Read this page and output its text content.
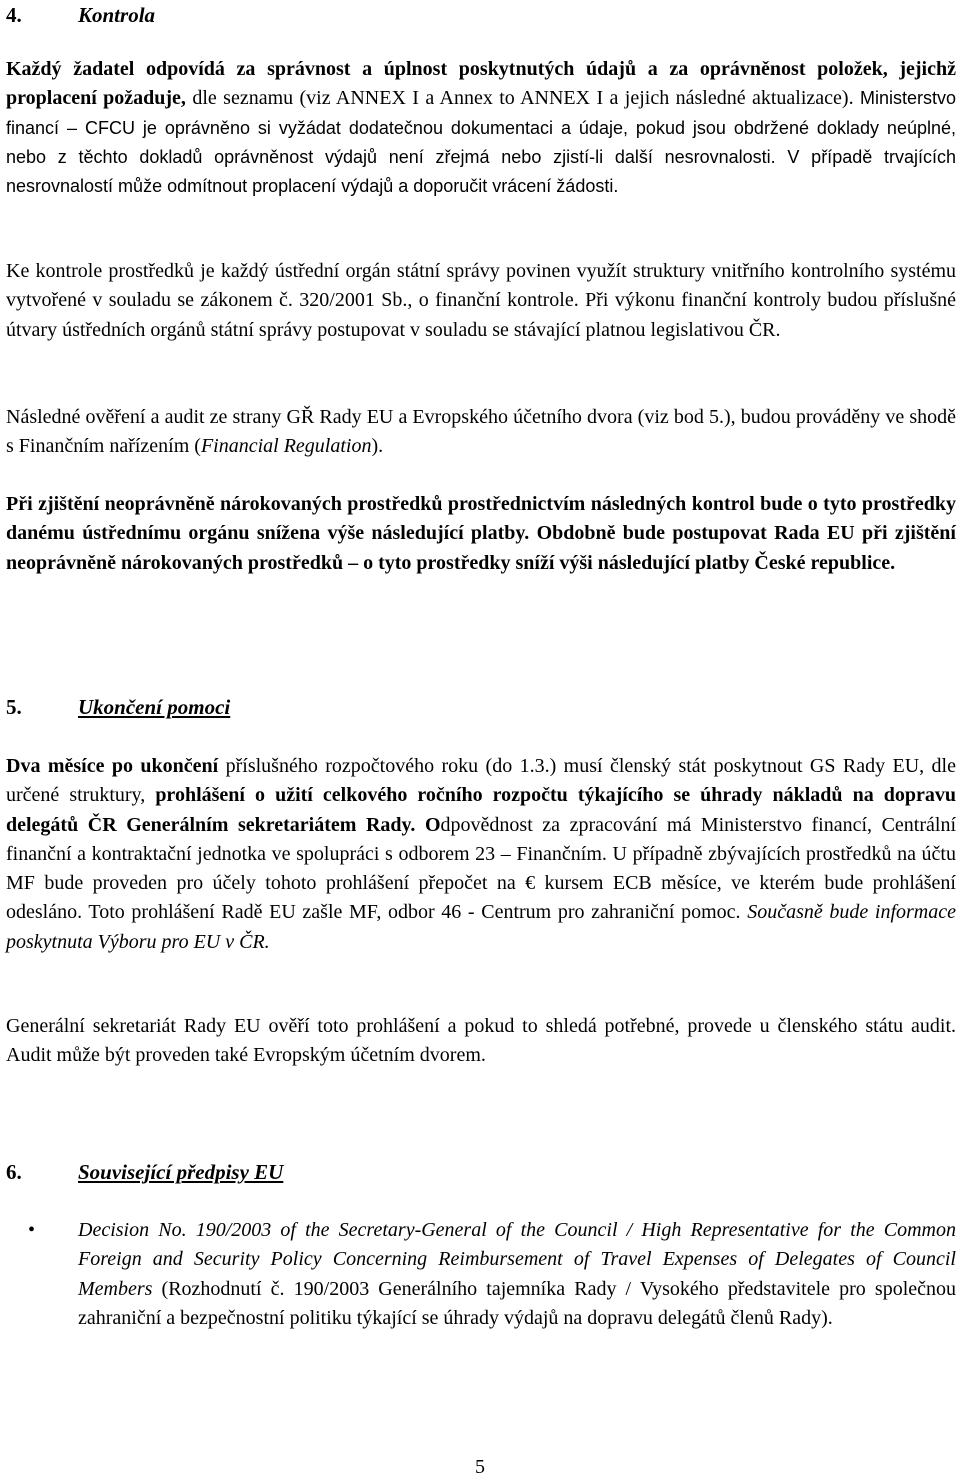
4.	Kontrola

Každý žadatel odpovídá za správnost a úplnost poskytnutých údajů a za oprávněnost položek, jejichž proplacení požaduje, dle seznamu (viz ANNEX I a Annex to ANNEX I a jejich následné aktualizace). Ministerstvo financí – CFCU je oprávněno si vyžádat dodatečnou dokumentaci a údaje, pokud jsou obdržené doklady neúplné, nebo z těchto dokladů oprávněnost výdajů není zřejmá nebo zjistí-li další nesrovnalosti. V případě trvajících nesrovnalostí může odmítnout proplacení výdajů a doporučit vrácení žádosti.

Ke kontrole prostředků je každý ústřední orgán státní správy povinen využít struktury vnitřního kontrolního systému vytvořené v souladu se zákonem č. 320/2001 Sb., o finanční kontrole. Při výkonu finanční kontroly budou příslušné útvary ústředních orgánů státní správy postupovat v souladu se stávající platnou legislativou ČR.

Následné ověření a audit ze strany GŘ Rady EU a Evropského účetního dvora (viz bod 5.), budou prováděny ve shodě s Finančním nařízením (Financial Regulation).

Při zjištění neoprávněně nárokovaných prostředků prostřednictvím následných kontrol bude o tyto prostředky danému ústřednímu orgánu snížena výše následující platby. Obdobně bude postupovat Rada EU při zjištění neoprávněně nárokovaných prostředků – o tyto prostředky sníží výši následující platby České republice.

5.	Ukončení pomoci

Dva měsíce po ukončení příslušného rozpočtového roku (do 1.3.) musí členský stát poskytnout GS Rady EU, dle určené struktury, prohlášení o užití celkového ročního rozpočtu týkajícího se úhrady nákladů na dopravu delegátů ČR Generálním sekretariátem Rady. Odpovědnost za zpracování má Ministerstvo financí, Centrální finanční a kontraktační jednotka ve spolupráci s odborem 23 – Finančním. U případně zbývajících prostředků na účtu MF bude proveden pro účely tohoto prohlášení přepočet na € kursem ECB měsíce, ve kterém bude prohlášení odesláno. Toto prohlášení Radě EU zašle MF, odbor 46 - Centrum pro zahraniční pomoc. Současně bude informace poskytnuta Výboru pro EU v ČR.

Generální sekretariát Rady EU ověří toto prohlášení a pokud to shledá potřebné, provede u členského státu audit. Audit může být proveden také Evropským účetním dvorem.

6.	Související předpisy EU
•	Decision No. 190/2003 of the Secretary-General of the Council / High Representative for the Common Foreign and Security Policy Concerning Reimbursement of Travel Expenses of Delegates of Council Members (Rozhodnutí č. 190/2003 Generálního tajemníka Rady / Vysokého představitele pro společnou zahraniční a bezpečnostní politiku týkající se úhrady výdajů na dopravu delegátů členů Rady).
5
